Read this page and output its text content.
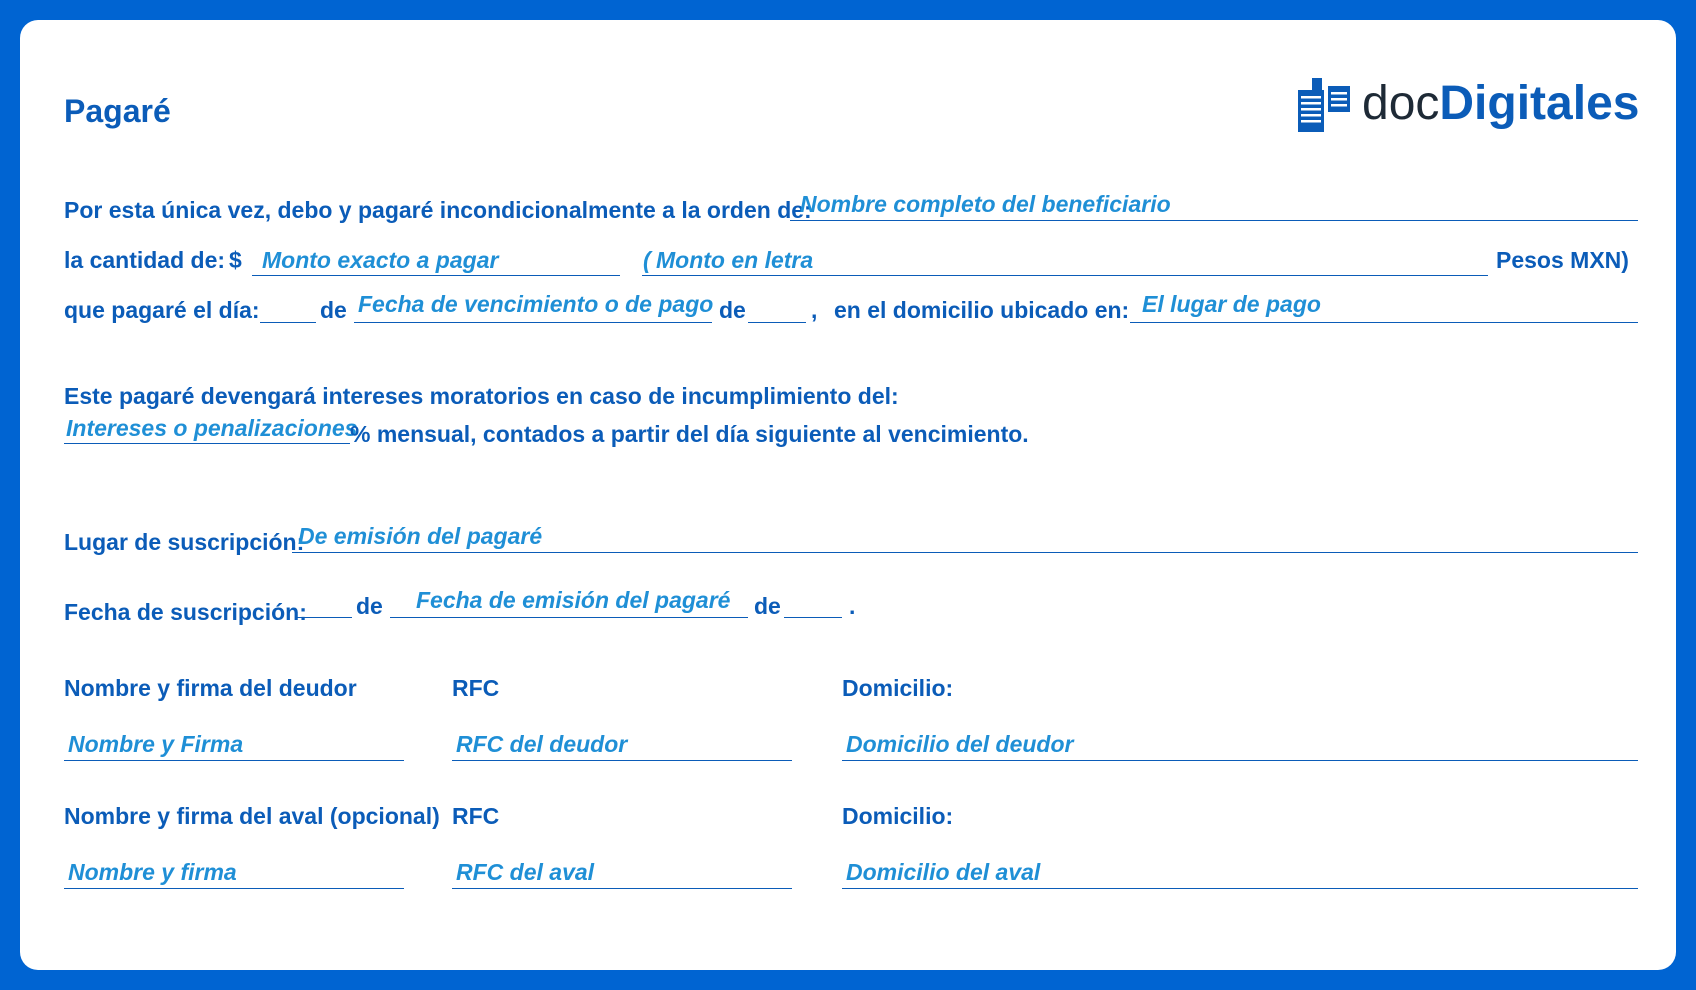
Pagaré	docDigitales
Por esta única vez, debo y pagaré incondicionalmente a la orden de:
Nombre completo del beneficiario
la cantidad de: $ Monto exacto a pagar	( Monto en letra	Pesos MXN)
que pagaré el día:	de Fecha de vencimiento o de pago de	, en el domicilio ubicado en: El lugar de pago
Este pagaré devengará intereses moratorios en caso de incumplimiento del:
Intereses o penalizaciones
% mensual, contados a partir del día siguiente al vencimiento.
Lugar de suscripción:
De emisión del pagaré
Fecha de suscripción: de Fecha de emisión del pagaré de	.
Nombre y firma del deudor	RFC	Domicilio:
Nombre y Firma	RFC del deudor	Domicilio del deudor
Nombre y firma del aval (opcional) RFC	Domicilio:
Nombre y firma	RFC del aval	Domicilio del aval
